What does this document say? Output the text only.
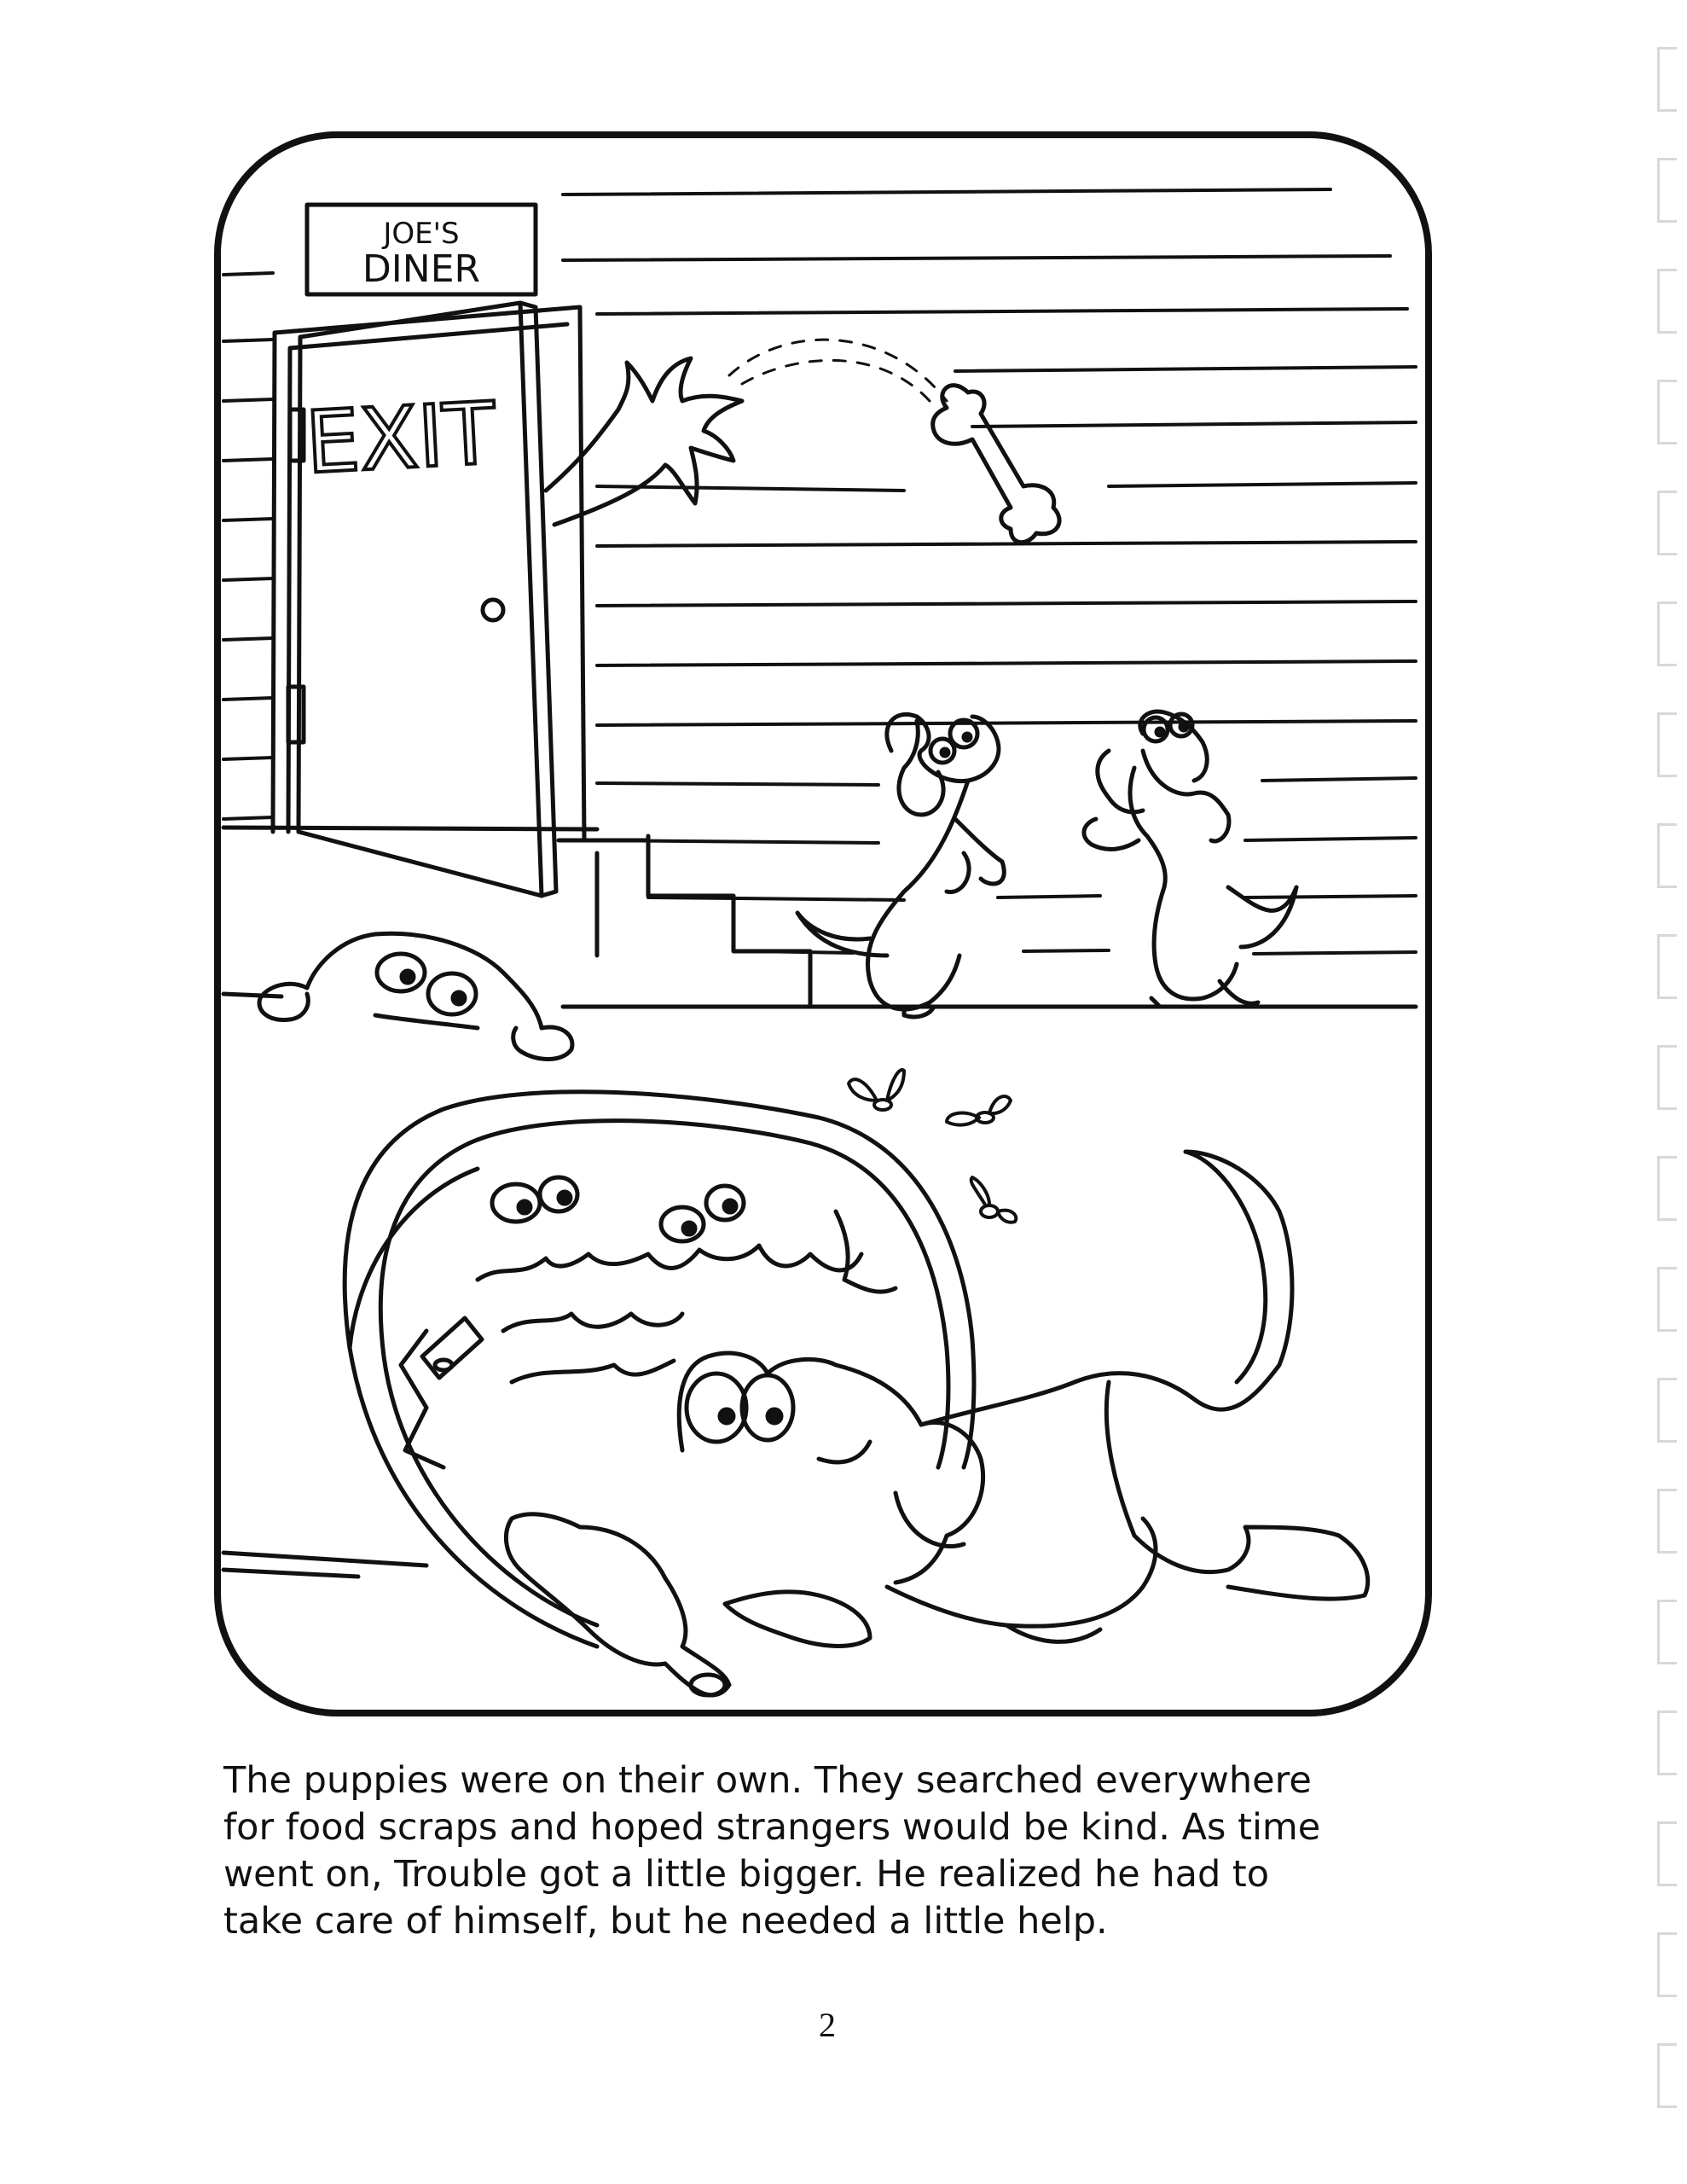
JOE'S
DINER
EXIT
The puppies were on their own. They searched everywhere
for food scraps and hoped strangers would be kind. As time
went on, Trouble got a little bigger. He realized he had to
take care of himself, but he needed a little help.
2
